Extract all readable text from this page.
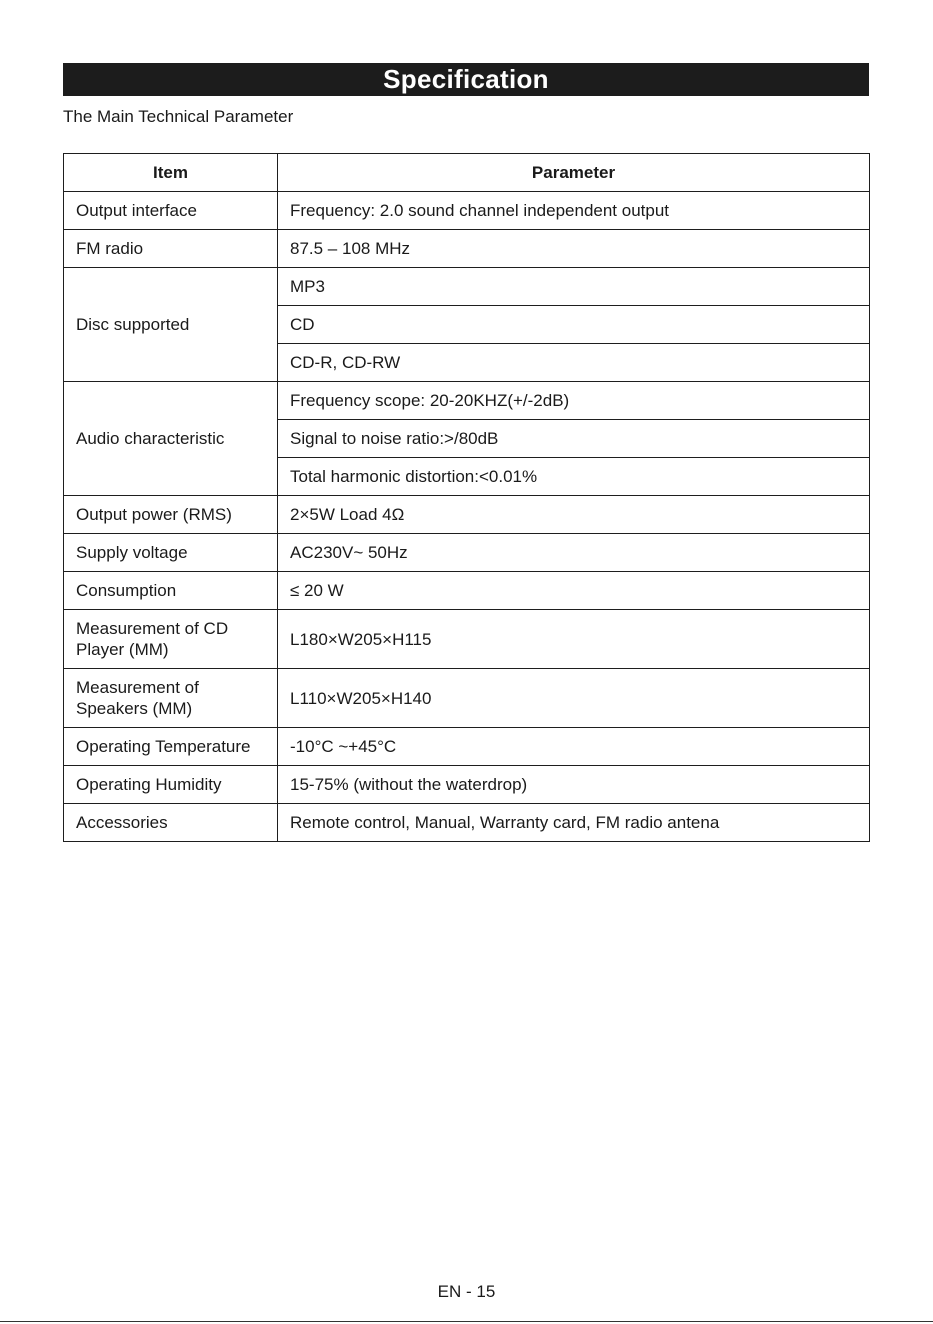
Specification
The Main Technical Parameter
Item	Parameter
Output interface	Frequency: 2.0 sound channel independent output
FM radio	87.5 – 108 MHz
Disc supported	MP3
	CD
	CD-R, CD-RW
Audio characteristic	Frequency scope: 20-20KHZ(+/-2dB)
	Signal to noise ratio:>/80dB
	Total harmonic distortion:<0.01%
Output power (RMS)	2×5W Load 4Ω
Supply voltage	AC230V~ 50Hz
Consumption	≤ 20 W
Measurement of CD Player (MM)	L180×W205×H115
Measurement of Speakers (MM)	L110×W205×H140
Operating Temperature	-10°C ~+45°C
Operating Humidity	15-75% (without the waterdrop)
Accessories	Remote control, Manual, Warranty card, FM radio antena
EN - 15
